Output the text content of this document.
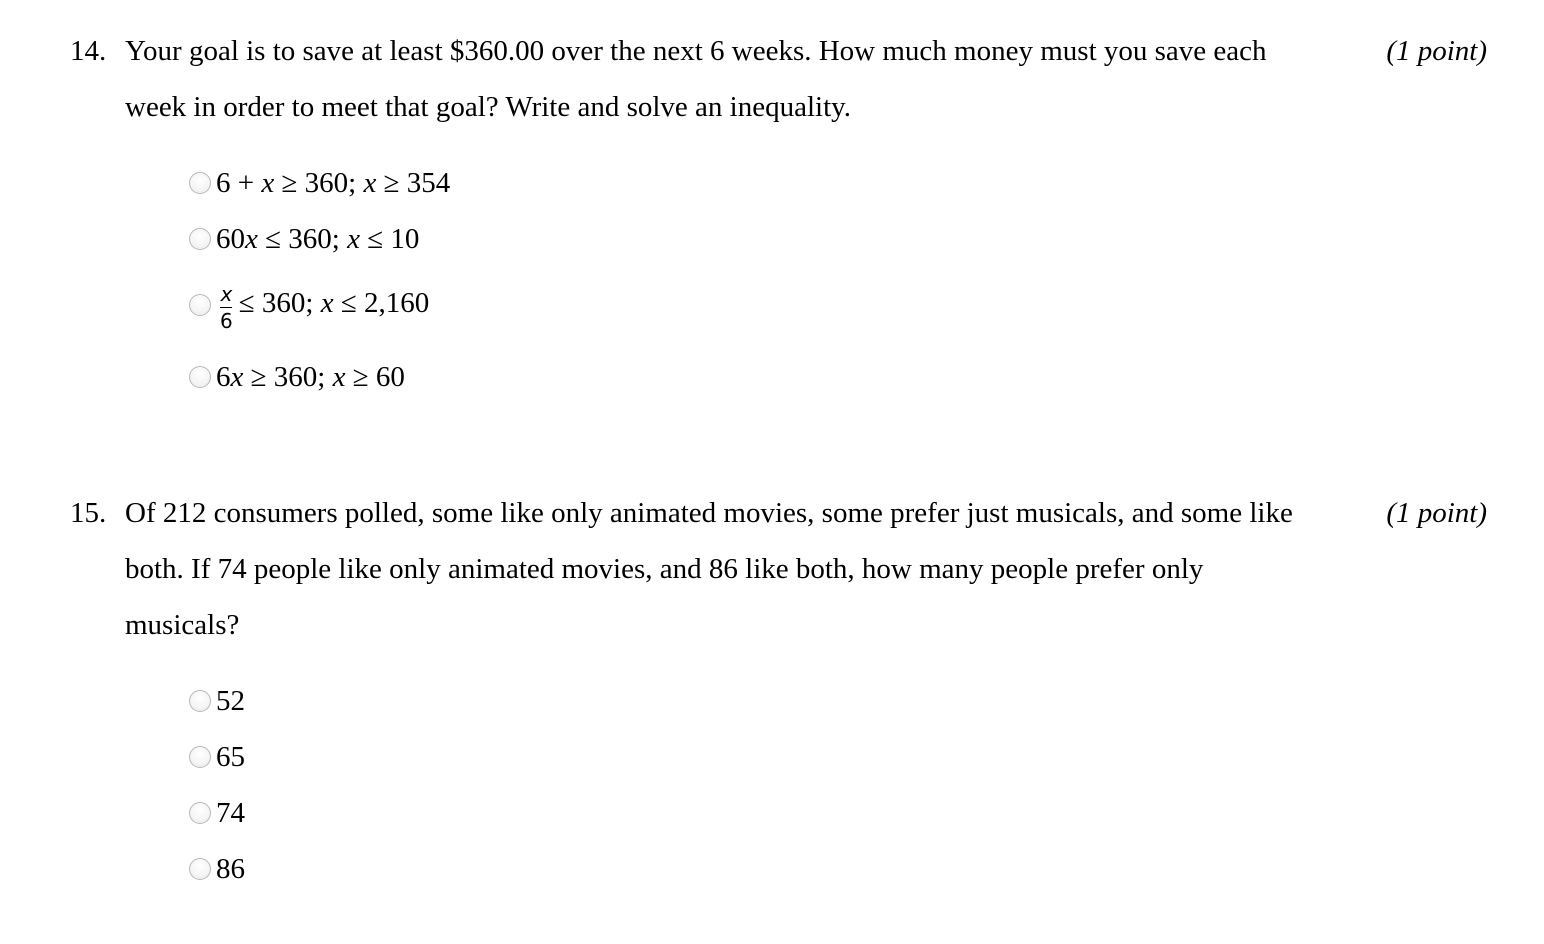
14.	(1 point)
Your goal is to save at least $360.00 over the next 6 weeks. How much money must you save each week in order to meet that goal? Write and solve an inequality.
6 + x ≥ 360; x ≥ 354
60x ≤ 360; x ≤ 10
$\frac{x}{6} \le 360$; x ≤ 2,160
6x ≥ 360; x ≥ 60
15.	(1 point)
Of 212 consumers polled, some like only animated movies, some prefer just musicals, and some like both. If 74 people like only animated movies, and 86 like both, how many people prefer only musicals?
52
65
74
86
